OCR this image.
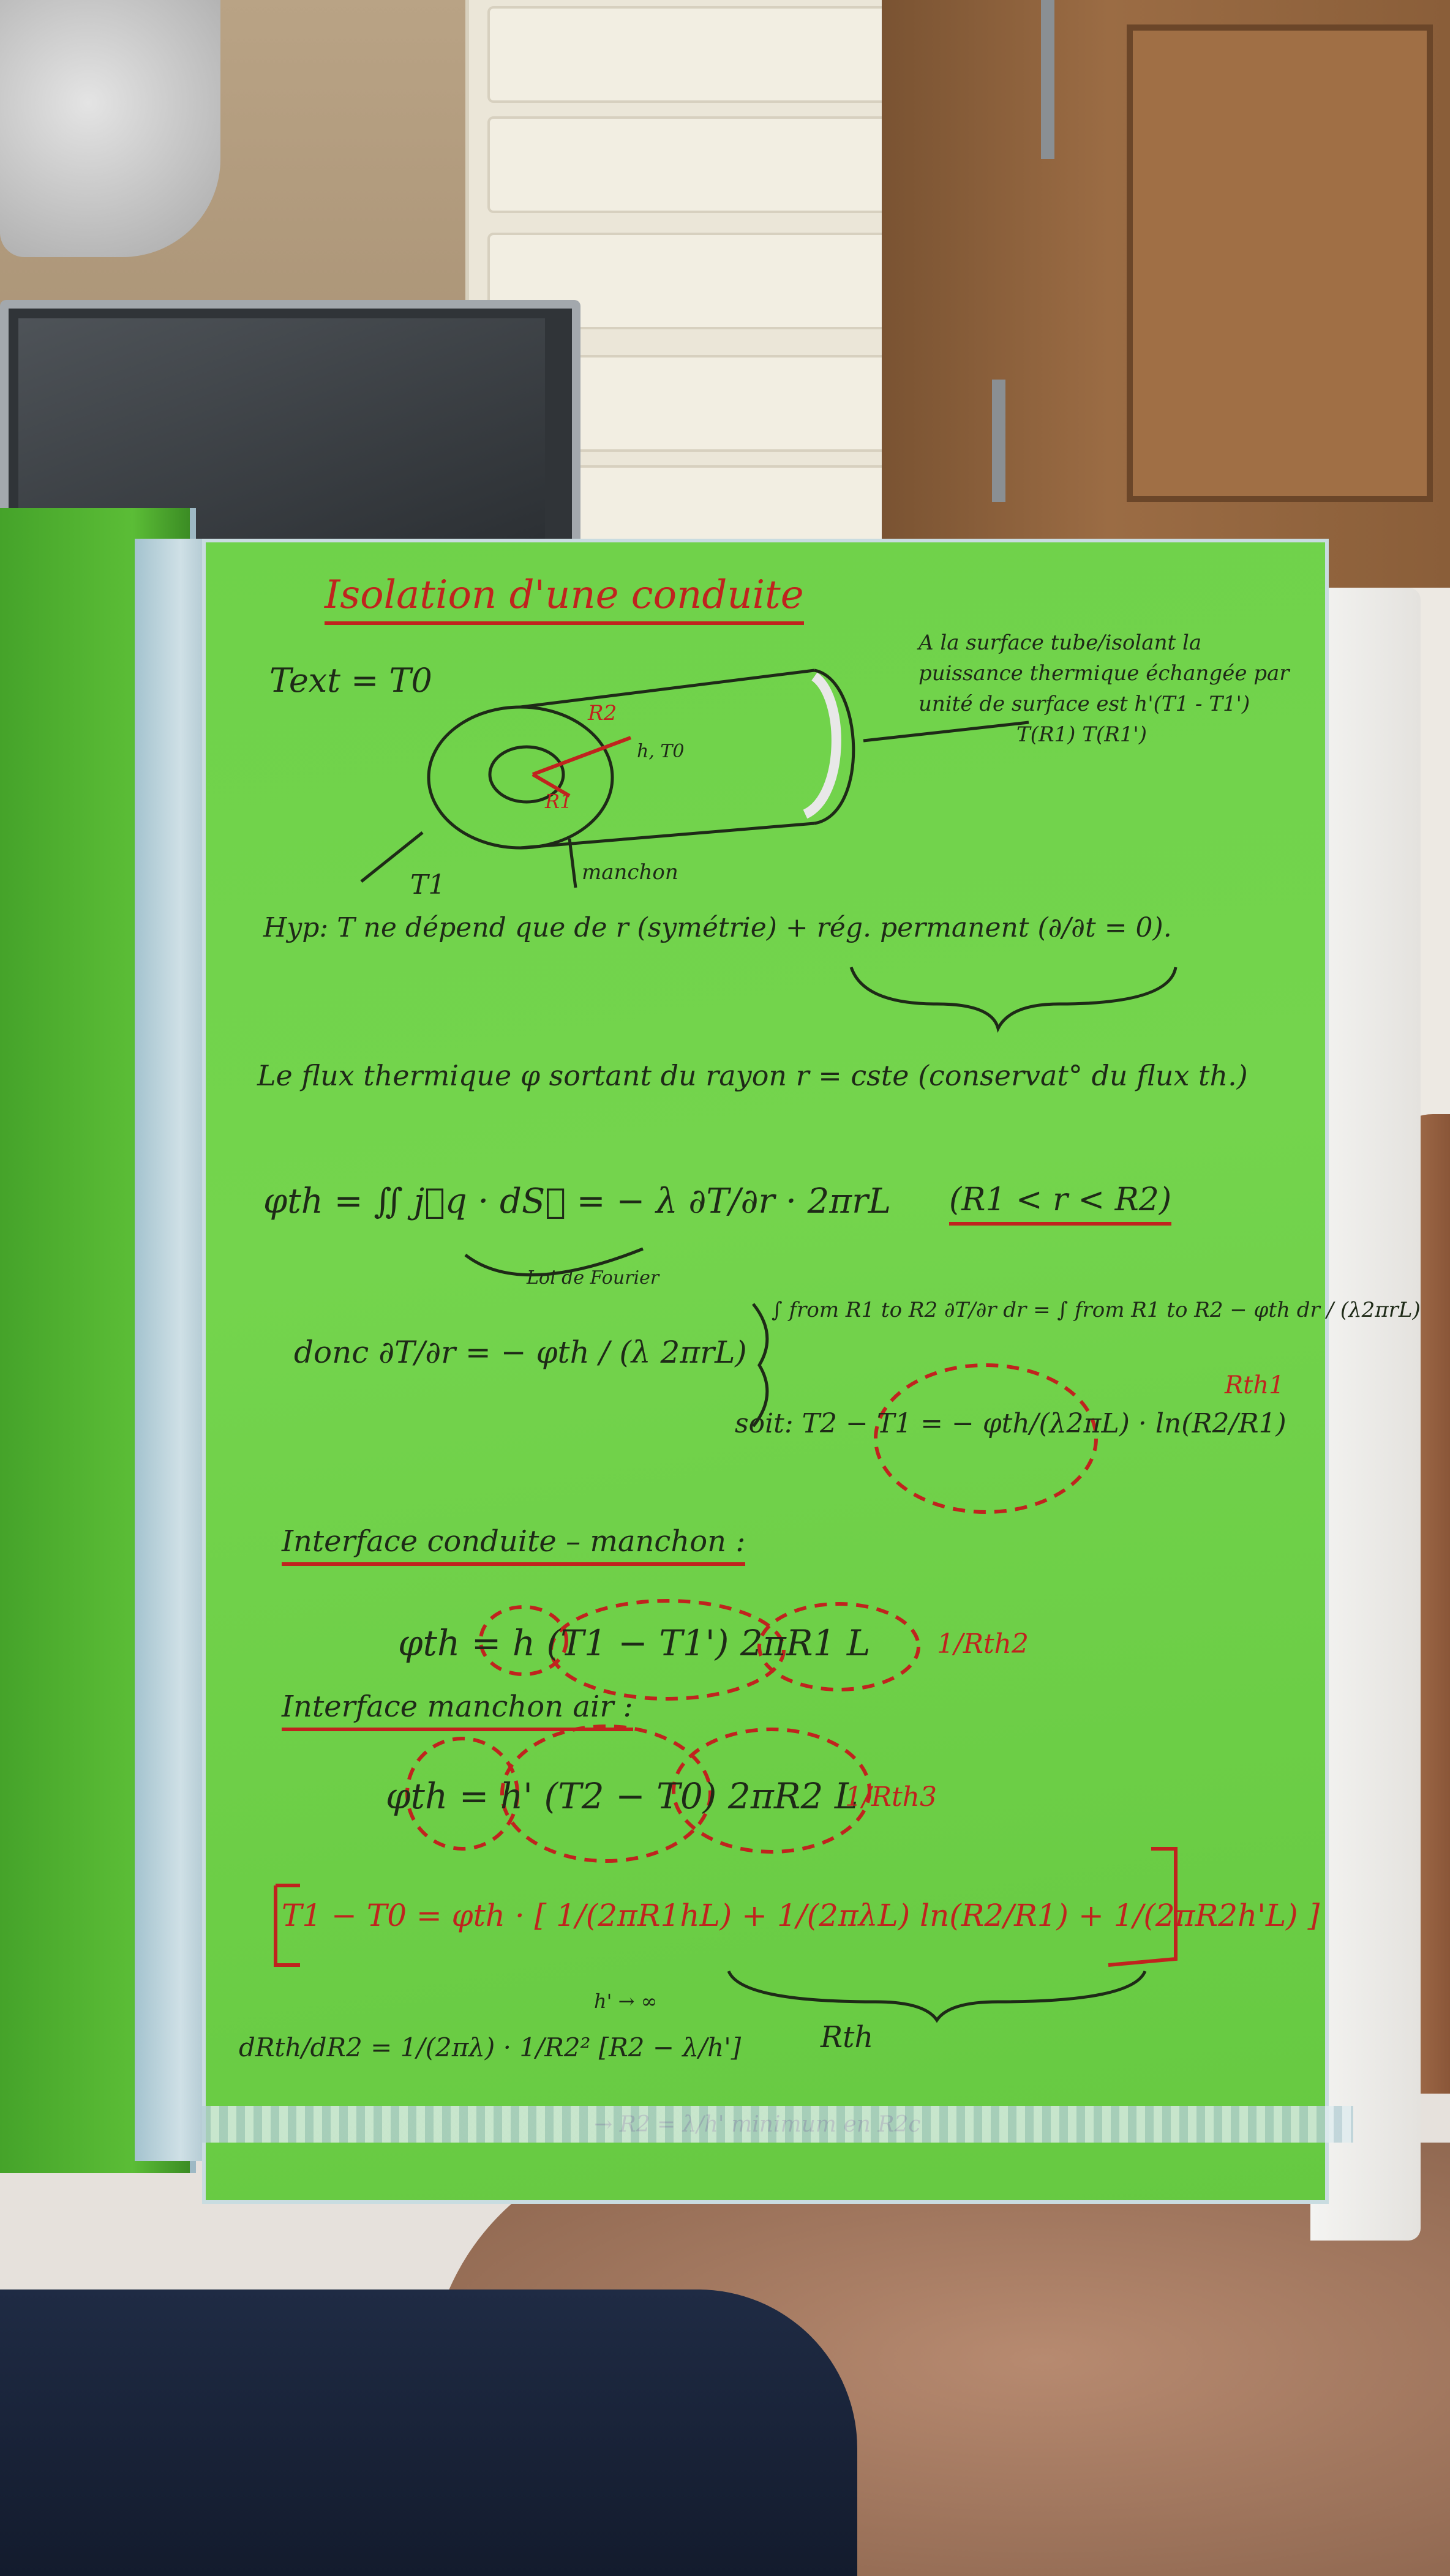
Isolation d'une conduite
Text = T0
A la surface tube/isolant la
puissance thermique échangée par
unité de surface est h'(T1 - T1')
T(R1) T(R1')
R2
R1
h, T0
T1	manchon
Hyp: T ne dépend que de r (symétrie) + rég. permanent (∂/∂t = 0).
Le flux thermique φ sortant du rayon r = cste (conservat° du flux th.)
φth = ∬ j⃗q · dS⃗ = − λ ∂T/∂r · 2πrL
Loi de Fourier
(R1 < r < R2)
donc ∂T/∂r = − φth / (λ 2πrL)
∫ from R1 to R2 ∂T/∂r dr = ∫ from R1 to R2 − φth dr / (λ2πrL)
soit: T2 − T1 = − φth/(λ2πL) · ln(R2/R1)
Rth1
Interface conduite – manchon :
φth = h (T1 − T1') 2πR1 L 1/Rth2
Interface manchon air :
φth = h' (T2 − T0) 2πR2 L
1/Rth3
T1 − T0 = φth · [ 1/(2πR1hL) + 1/(2πλL) ln(R2/R1) + 1/(2πR2h'L) ]
Rth
dRth/dR2 = 1/(2πλ) · 1/R2² [R2 − λ/h']
h' → ∞
